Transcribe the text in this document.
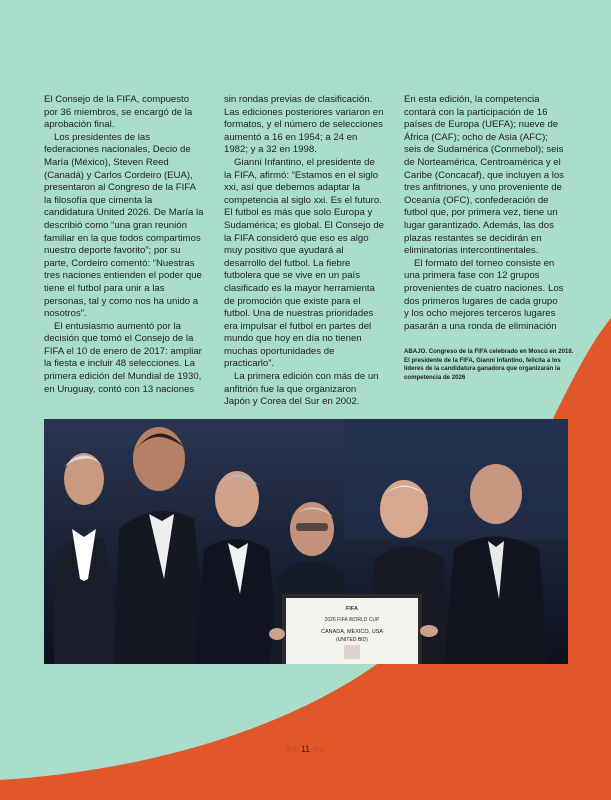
El Consejo de la FIFA, compuesto por 36 miembros, se encargó de la aprobación final.

Los presidentes de las federaciones nacionales, Decio de María (México), Steven Reed (Canadá) y Carlos Cordeiro (EUA), presentaron al Congreso de la FIFA la filosofía que cimenta la candidatura United 2026. De María la describió como “una gran reunión familiar en la que todos compartimos nuestro deporte favorito”; por su parte, Cordeiro comentó: “Nuestras tres naciones entienden el poder que tiene el futbol para unir a las personas, tal y como nos ha unido a nosotros”.

El entusiasmo aumentó por la decisión que tomó el Consejo de la FIFA el 10 de enero de 2017: ampliar la fiesta e incluir 48 selecciones. La primera edición del Mundial de 1930, en Uruguay, contó con 13 naciones

sin rondas previas de clasificación. Las ediciones posteriores variaron en formatos, y el número de selecciones aumentó a 16 en 1954; a 24 en 1982; y a 32 en 1998.

Gianni Infantino, el presidente de la FIFA, afirmó: “Estamos en el siglo xxi, así que debemos adaptar la competencia al siglo xxi. Es el futuro. El futbol es más que solo Europa y Sudamérica; es global. El Consejo de la FIFA consideró que eso es algo muy positivo que ayudará al desarrollo del futbol. La fiebre futbolera que se vive en un país clasificado es la mayor herramienta de promoción que existe para el futbol. Una de nuestras prioridades era impulsar el futbol en partes del mundo que hoy en día no tienen muchas oportunidades de practicarlo”.

La primera edición con más de un anfitrión fue la que organizaron Japón y Corea del Sur en 2002.

En esta edición, la competencia contará con la participación de 16 países de Europa (UEFA); nueve de África (CAF); ocho de Asia (AFC); seis de Sudamérica (Conmebol); seis de Norteamérica, Centroamérica y el Caribe (Concacaf), que incluyen a los tres anfitriones, y uno proveniente de Oceanía (OFC), confederación de futbol que, por primera vez, tiene un lugar garantizado. Además, las dos plazas restantes se decidirán en eliminatorias intercontinentales.

El formato del torneo consiste en una primera fase con 12 grupos provenientes de cuatro naciones. Los dos primeros lugares de cada grupo y los ocho mejores terceros lugares pasarán a una ronda de eliminación

ABAJO. Congreso de la FIFA celebrado en Moscú en 2018. El presidente de la FIFA, Gianni Infantino, felicita a los líderes de la candidatura ganadora que organizarán la competencia de 2026
FIFA
2026 FIFA WORLD CUP
CANADA, MEXICO, USA
(UNITED BID)
■■ 11 ■■
